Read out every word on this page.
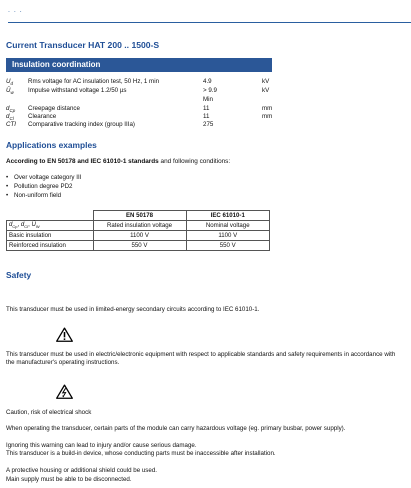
. . .
Current Transducer HAT 200 .. 1500-S
Insulation coordination
$U_d$ Rms voltage for AC insulation test, 50 Hz, 1 min	4.9	kV
$Û_w$ Impulse withstand voltage 1.2/50 µs	> 9.9	kV
Min
$d_{Cp}$ Creepage distance	11	mm
$d_{Cl}$ Clearance	11	mm
CTI Comparative tracking index (group IIIa)	275
Applications examples
According to EN 50178 and IEC 61010-1 standards and following conditions:
• Over voltage category III
• Pollution degree PD2
• Non-uniform field
	EN 50178	IEC 61010-1
$d_{Cp}$, $d_{Cl}$, $Û_W$	Rated insulation voltage	Nominal voltage
Basic insulation	1100 V	1100 V
Reinforced insulation	550 V	550 V
Safety
This transducer must be used in limited-energy secondary circuits according to IEC 61010-1.
This transducer must be used in electric/electronic equipment with respect to applicable standards and safety requirements in accordance with the manufacturer's operating instructions.
Caution, risk of electrical shock
When operating the transducer, certain parts of the module can carry hazardous voltage (eg. primary busbar, power supply).
Ignoring this warning can lead to injury and/or cause serious damage.
This transducer is a build-in device, whose conducting parts must be inaccessible after installation.
A protective housing or additional shield could be used.
Main supply must be able to be disconnected.
